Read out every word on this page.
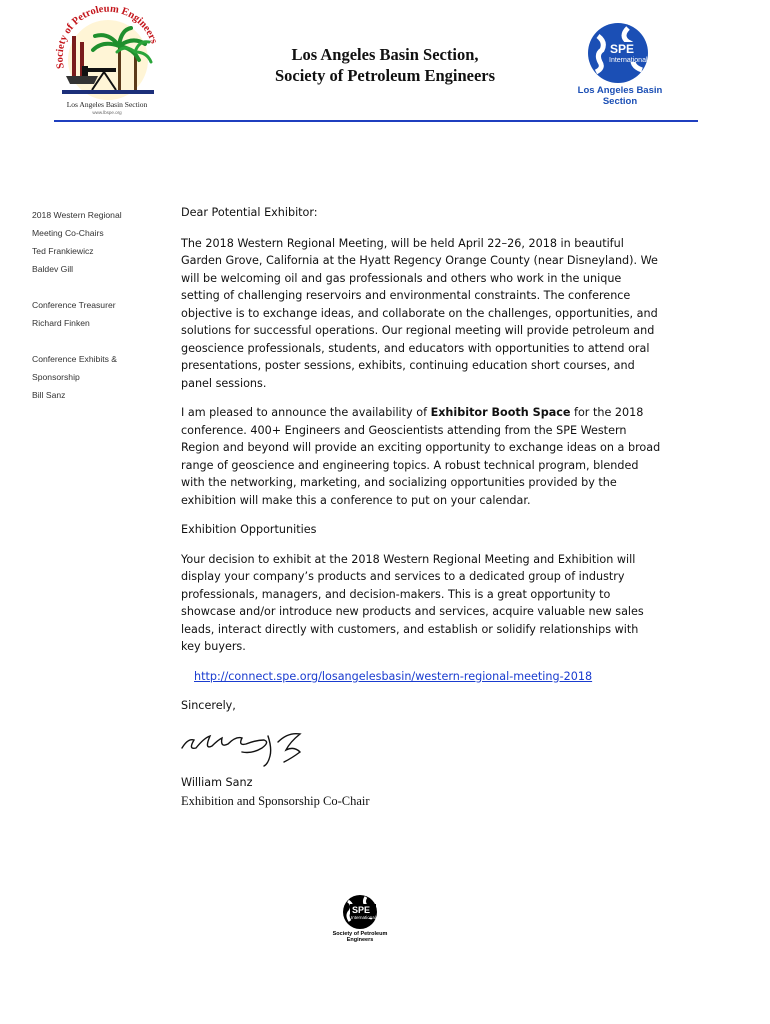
Society of Petroleum Engineers
Los Angeles Basin Section
www.lbspe.org
Los Angeles Basin Section,
Society of Petroleum Engineers
SPE
International
Los Angeles Basin Section
2018 Western Regional
Meeting Co-Chairs
Ted Frankiewicz
Baldev Gill
Conference Treasurer
Richard Finken
Conference Exhibits &
Sponsorship
Bill Sanz

Dear Potential Exhibitor:

The 2018 Western Regional Meeting, will be held April 22–26, 2018 in beautiful Garden Grove, California at the Hyatt Regency Orange County (near Disneyland). We will be welcoming oil and gas professionals and others who work in the unique setting of challenging reservoirs and environmental constraints. The conference objective is to exchange ideas, and collaborate on the challenges, opportunities, and solutions for successful operations. Our regional meeting will provide petroleum and geoscience professionals, students, and educators with opportunities to attend oral presentations, poster sessions, exhibits, continuing education short courses, and panel sessions.

I am pleased to announce the availability of Exhibitor Booth Space for the 2018 conference. 400+ Engineers and Geoscientists attending from the SPE Western Region and beyond will provide an exciting opportunity to exchange ideas on a broad range of geoscience and engineering topics. A robust technical program, blended with the networking, marketing, and socializing opportunities provided by the exhibition will make this a conference to put on your calendar.

Exhibition Opportunities

Your decision to exhibit at the 2018 Western Regional Meeting and Exhibition will display your company’s products and services to a dedicated group of industry professionals, managers, and decision-makers. This is a great opportunity to showcase and/or introduce new products and services, acquire valuable new sales leads, interact directly with customers, and establish or solidify relationships with key buyers.

http://connect.spe.org/losangelesbasin/western-regional-meeting-2018

Sincerely,

William Sanz
Exhibition and Sponsorship Co-Chair
SPE
International
Society of Petroleum Engineers
